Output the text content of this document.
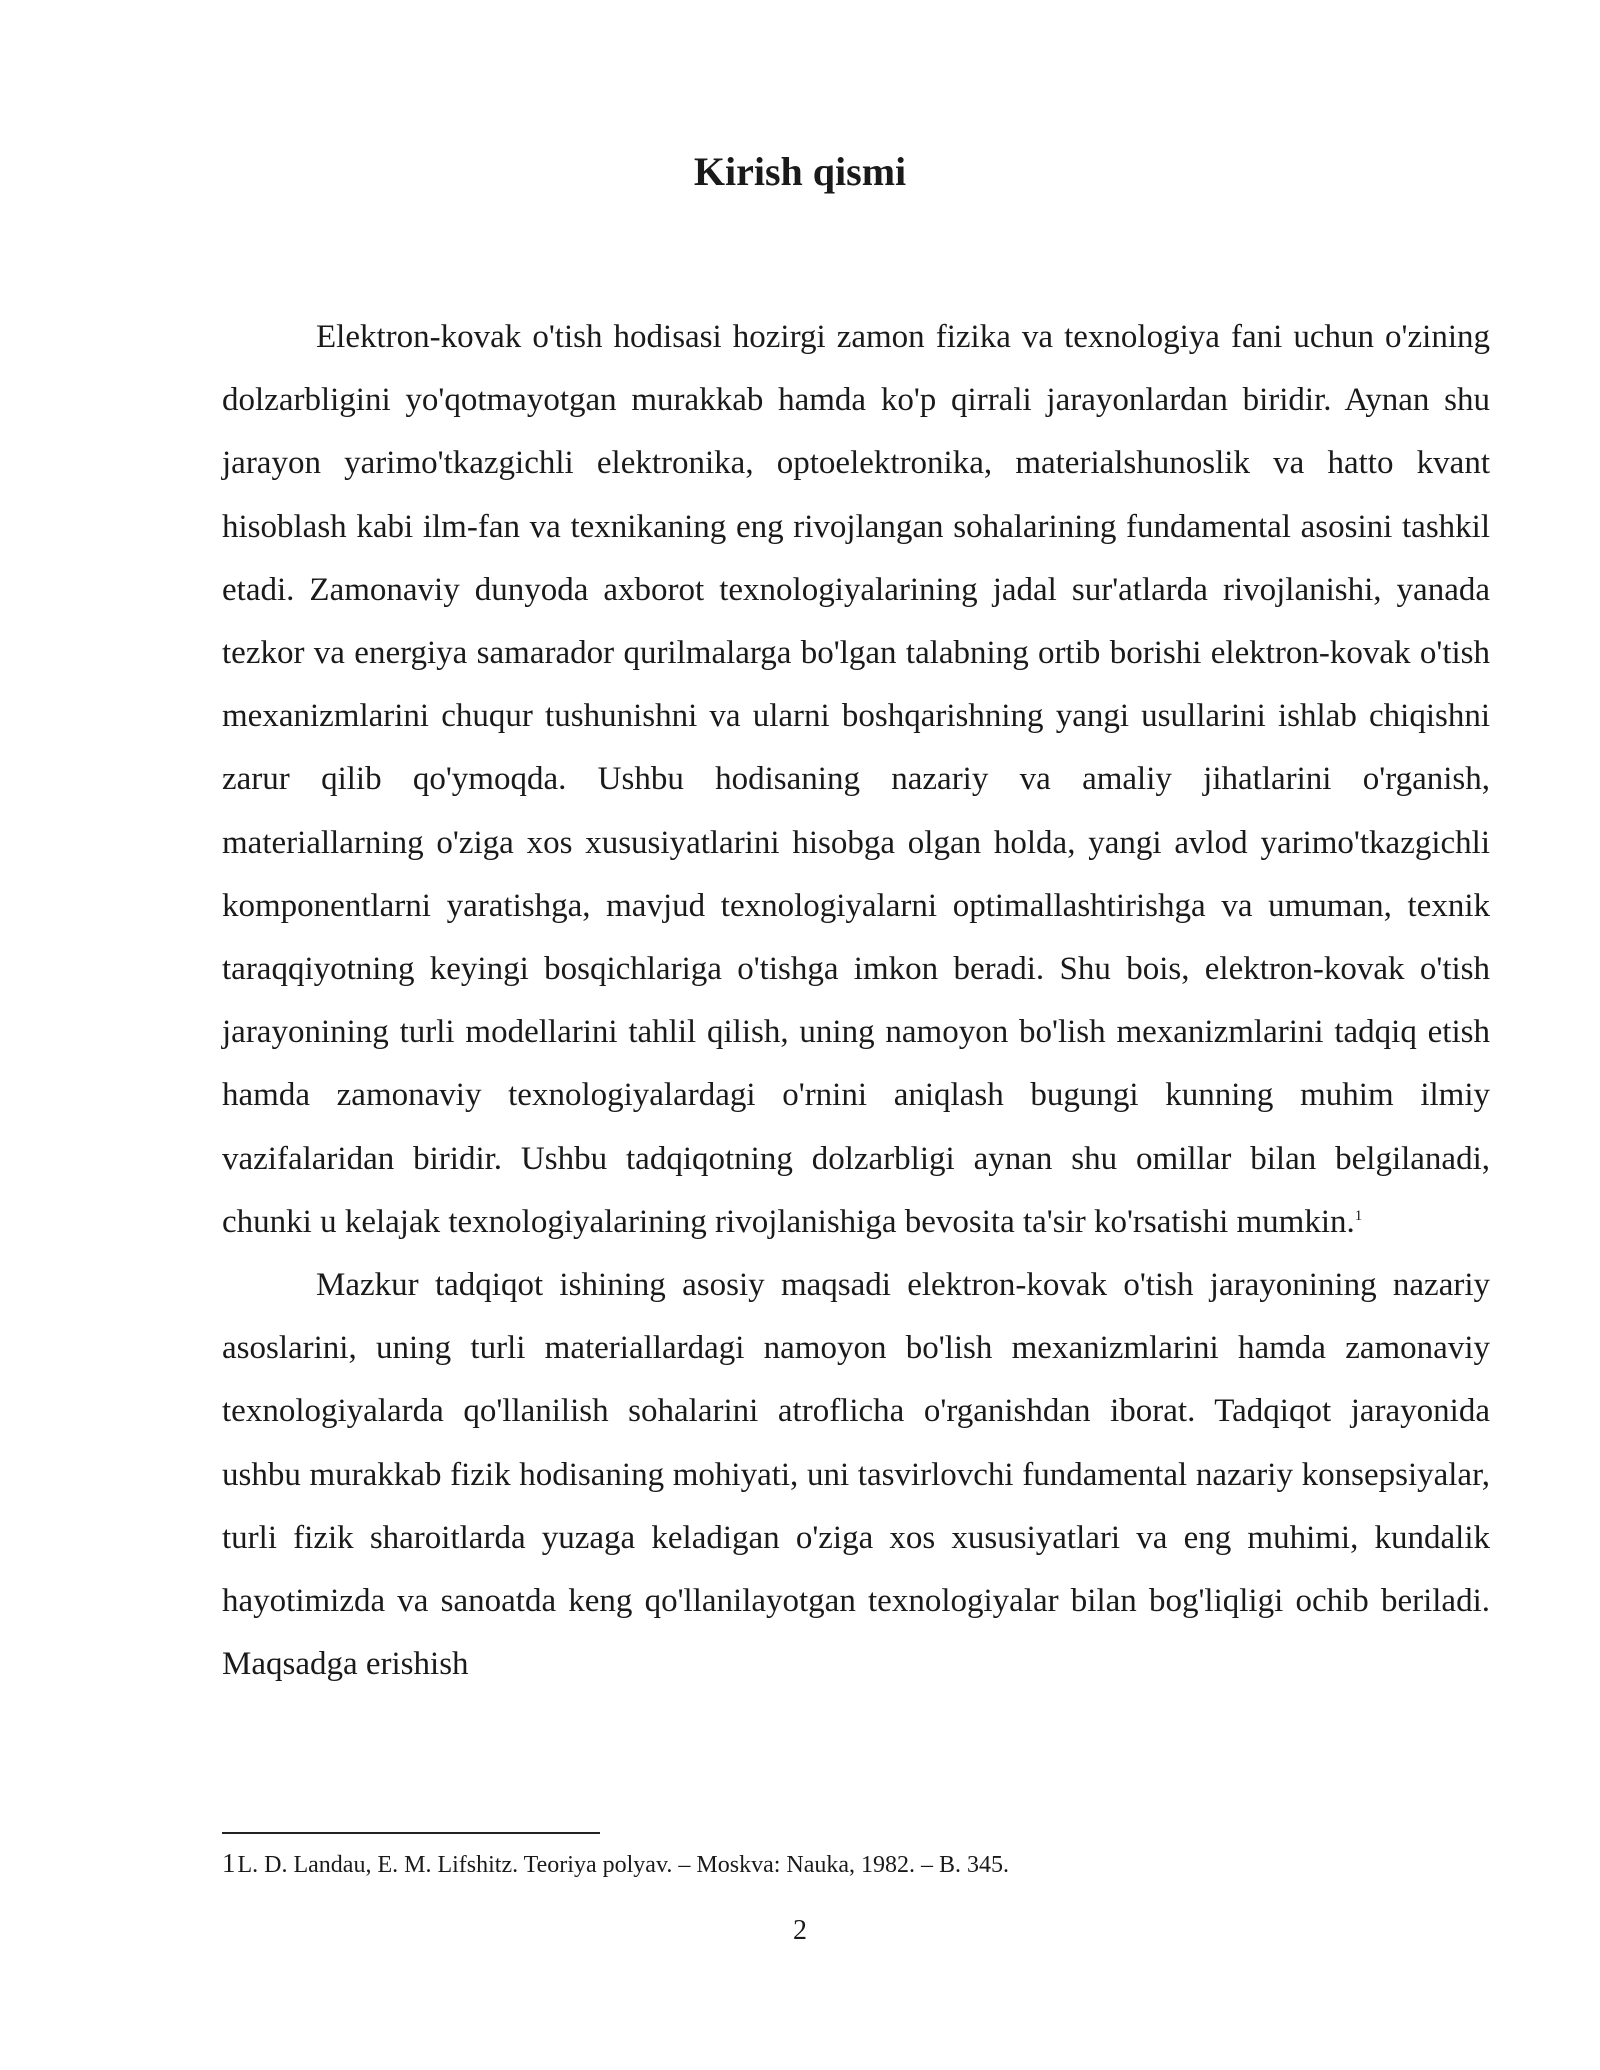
Kirish qismi

Elektron-kovak o'tish hodisasi hozirgi zamon fizika va texnologiya fani uchun o'zining dolzarbligini yo'qotmayotgan murakkab hamda ko'p qirrali jarayonlardan biridir. Aynan shu jarayon yarimo'tkazgichli elektronika, optoelektronika, materialshunoslik va hatto kvant hisoblash kabi ilm-fan va texnikaning eng rivojlangan sohalarining fundamental asosini tashkil etadi. Zamonaviy dunyoda axborot texnologiyalarining jadal sur'atlarda rivojlanishi, yanada tezkor va energiya samarador qurilmalarga bo'lgan talabning ortib borishi elektron-kovak o'tish mexanizmlarini chuqur tushunishni va ularni boshqarishning yangi usullarini ishlab chiqishni zarur qilib qo'ymoqda. Ushbu hodisaning nazariy va amaliy jihatlarini o'rganish, materiallarning o'ziga xos xususiyatlarini hisobga olgan holda, yangi avlod yarimo'tkazgichli komponentlarni yaratishga, mavjud texnologiyalarni optimallashtirishga va umuman, texnik taraqqiyotning keyingi bosqichlariga o'tishga imkon beradi. Shu bois, elektron-kovak o'tish jarayonining turli modellarini tahlil qilish, uning namoyon bo'lish mexanizmlarini tadqiq etish hamda zamonaviy texnologiyalardagi o'rnini aniqlash bugungi kunning muhim ilmiy vazifalaridan biridir. Ushbu tadqiqotning dolzarbligi aynan shu omillar bilan belgilanadi, chunki u kelajak texnologiyalarining rivojlanishiga bevosita ta'sir ko'rsatishi mumkin.$^1$

Mazkur tadqiqot ishining asosiy maqsadi elektron-kovak o'tish jarayonining nazariy asoslarini, uning turli materiallardagi namoyon bo'lish mexanizmlarini hamda zamonaviy texnologiyalarda qo'llanilish sohalarini atroflicha o'rganishdan iborat. Tadqiqot jarayonida ushbu murakkab fizik hodisaning mohiyati, uni tasvirlovchi fundamental nazariy konsepsiyalar, turli fizik sharoitlarda yuzaga keladigan o'ziga xos xususiyatlari va eng muhimi, kundalik hayotimizda va sanoatda keng qo'llanilayotgan texnologiyalar bilan bog'liqligi ochib beriladi. Maqsadga erishish

1L. D. Landau, E. M. Lifshitz. Teoriya polyav. – Moskva: Nauka, 1982. – B. 345.

2
